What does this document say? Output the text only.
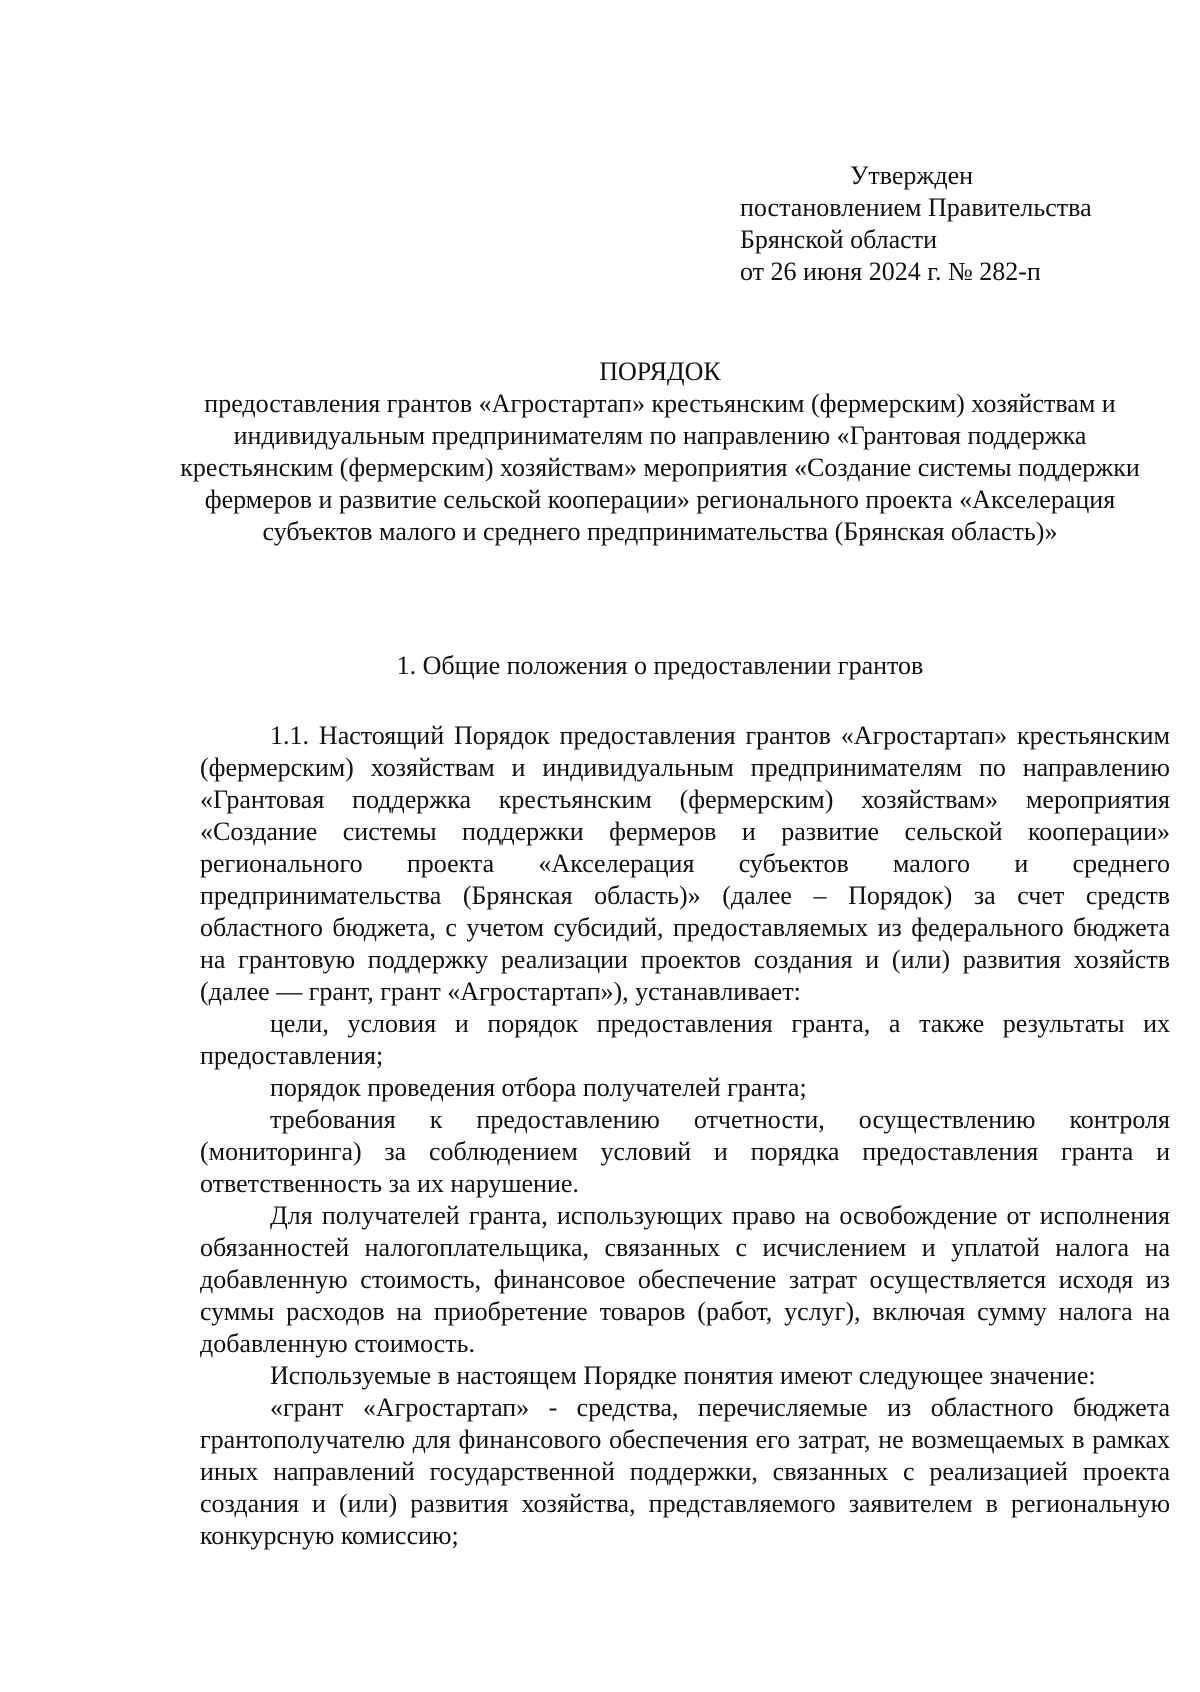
Утвержден
постановлением Правительства
Брянской области
от 26 июня 2024 г. № 282-п
ПОРЯДОК
предоставления грантов «Агростартап» крестьянским (фермерским) хозяйствам и индивидуальным предпринимателям по направлению «Грантовая поддержка крестьянским (фермерским) хозяйствам» мероприятия «Создание системы поддержки фермеров и развитие сельской кооперации» регионального проекта «Акселерация субъектов малого и среднего предпринимательства (Брянская область)»
1. Общие положения о предоставлении грантов

1.1. Настоящий Порядок предоставления грантов «Агростартап» крестьянским (фермерским) хозяйствам и индивидуальным предпринимателям по направлению «Грантовая поддержка крестьянским (фермерским) хозяйствам» мероприятия «Создание системы поддержки фермеров и развитие сельской кооперации» регионального проекта «Акселерация субъектов малого и среднего предпринимательства (Брянская область)» (далее – Порядок) за счет средств областного бюджета, с учетом субсидий, предоставляемых из федерального бюджета на грантовую поддержку реализации проектов создания и (или) развития хозяйств (далее — грант, грант «Агростартап»), устанавливает:

цели, условия и порядок предоставления гранта, а также результаты их предоставления;

порядок проведения отбора получателей гранта;

требования к предоставлению отчетности, осуществлению контроля (мониторинга) за соблюдением условий и порядка предоставления гранта и ответственность за их нарушение.

Для получателей гранта, использующих право на освобождение от исполнения обязанностей налогоплательщика, связанных с исчислением и уплатой налога на добавленную стоимость, финансовое обеспечение затрат осуществляется исходя из суммы расходов на приобретение товаров (работ, услуг), включая сумму налога на добавленную стоимость.

Используемые в настоящем Порядке понятия имеют следующее значение:

«грант «Агростартап» - средства, перечисляемые из областного бюджета грантополучателю для финансового обеспечения его затрат, не возмещаемых в рамках иных направлений государственной поддержки, связанных с реализацией проекта создания и (или) развития хозяйства, представляемого заявителем в региональную конкурсную комиссию;
